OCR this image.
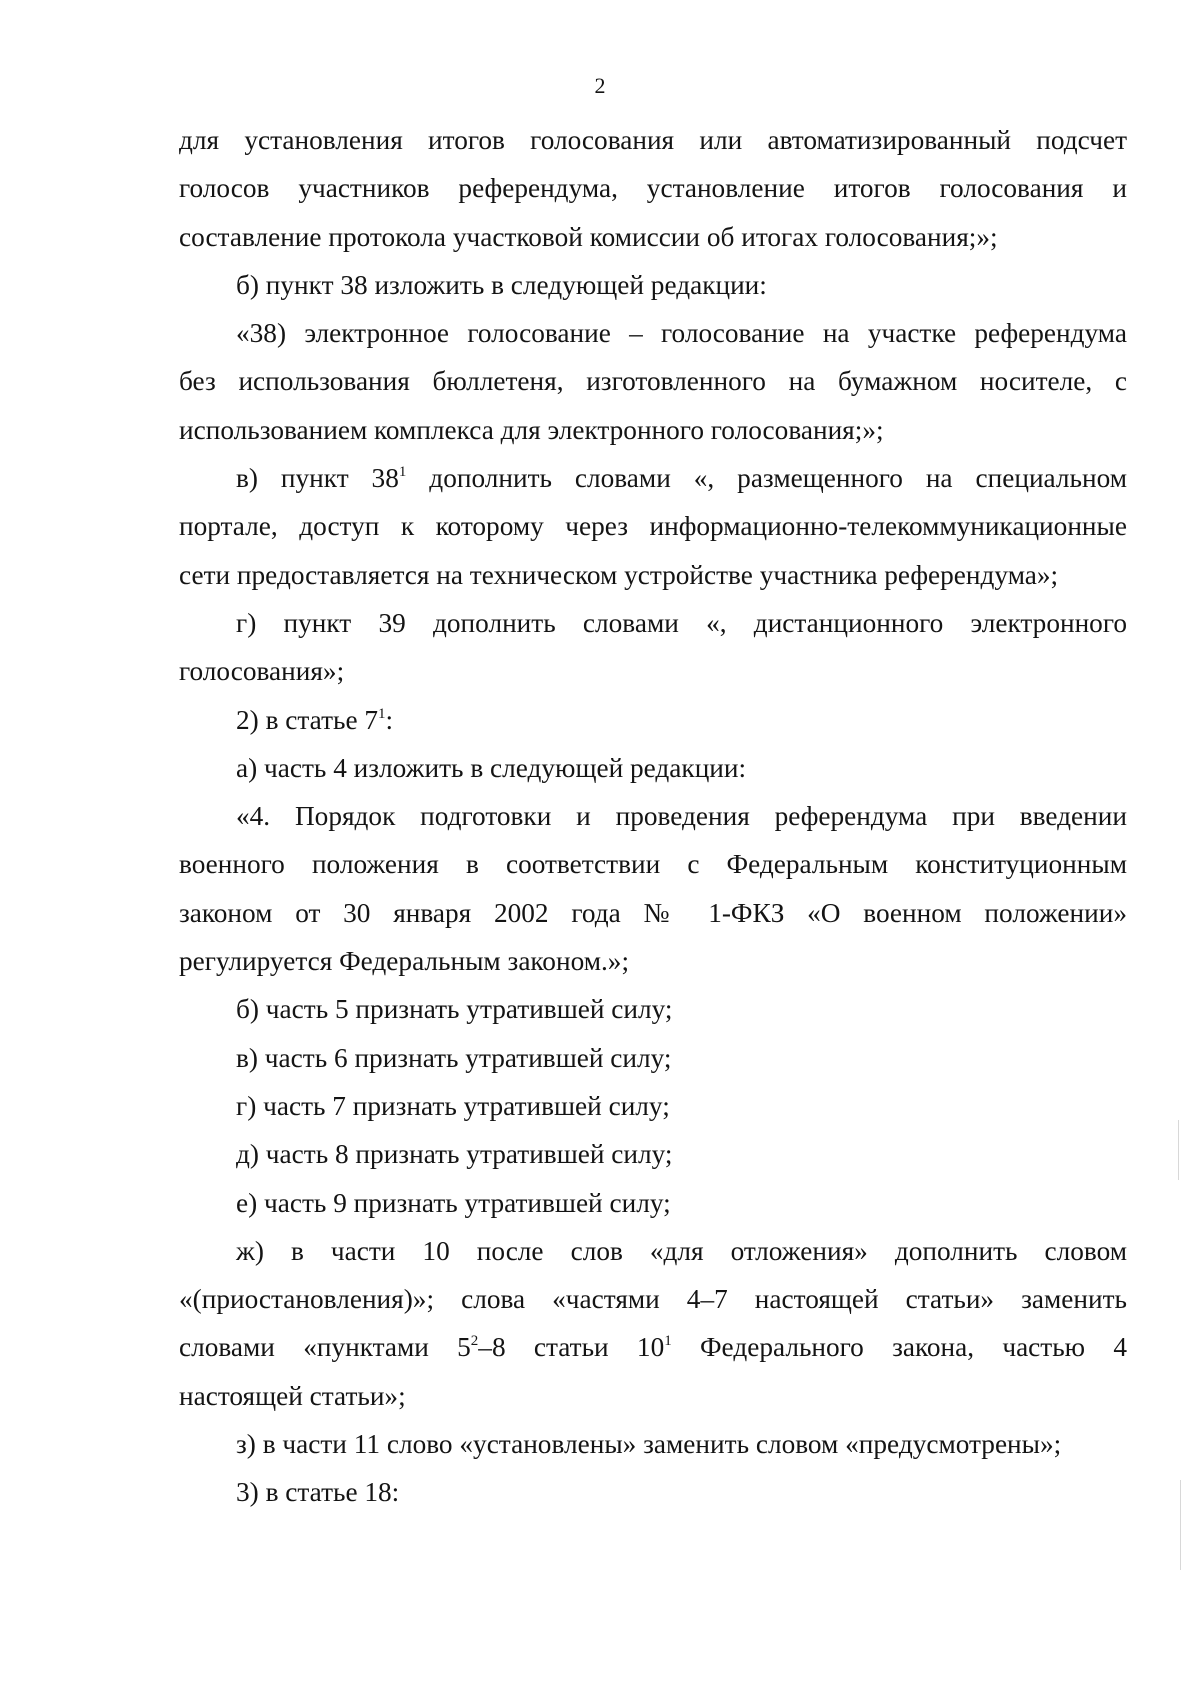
2

для установления итогов голосования или автоматизированный подсчет

голосов участников референдума, установление итогов голосования и

составление протокола участковой комиссии об итогах голосования;»;

б) пункт 38 изложить в следующей редакции:

«38) электронное голосование – голосование на участке референдума

без использования бюллетеня, изготовленного на бумажном носителе, с

использованием комплекса для электронного голосования;»;

в) пункт $38^1$ дополнить словами «, размещенного на специальном

портале, доступ к которому через информационно-телекоммуникационные

сети предоставляется на техническом устройстве участника референдума»;

г) пункт 39 дополнить словами «, дистанционного электронного

голосования»;

2) в статье $7^1$:

а) часть 4 изложить в следующей редакции:

«4. Порядок подготовки и проведения референдума при введении

военного положения в соответствии с Федеральным конституционным

законом от 30 января 2002 года № 1-ФКЗ «О военном положении»

регулируется Федеральным законом.»;

б) часть 5 признать утратившей силу;

в) часть 6 признать утратившей силу;

г) часть 7 признать утратившей силу;

д) часть 8 признать утратившей силу;

е) часть 9 признать утратившей силу;

ж) в части 10 после слов «для отложения» дополнить словом

«(приостановления)»; слова «частями 4–7 настоящей статьи» заменить

словами «пунктами $5^2-8$ статьи $10^1$ Федерального закона, частью 4

настоящей статьи»;

з) в части 11 слово «установлены» заменить словом «предусмотрены»;

3) в статье 18:
